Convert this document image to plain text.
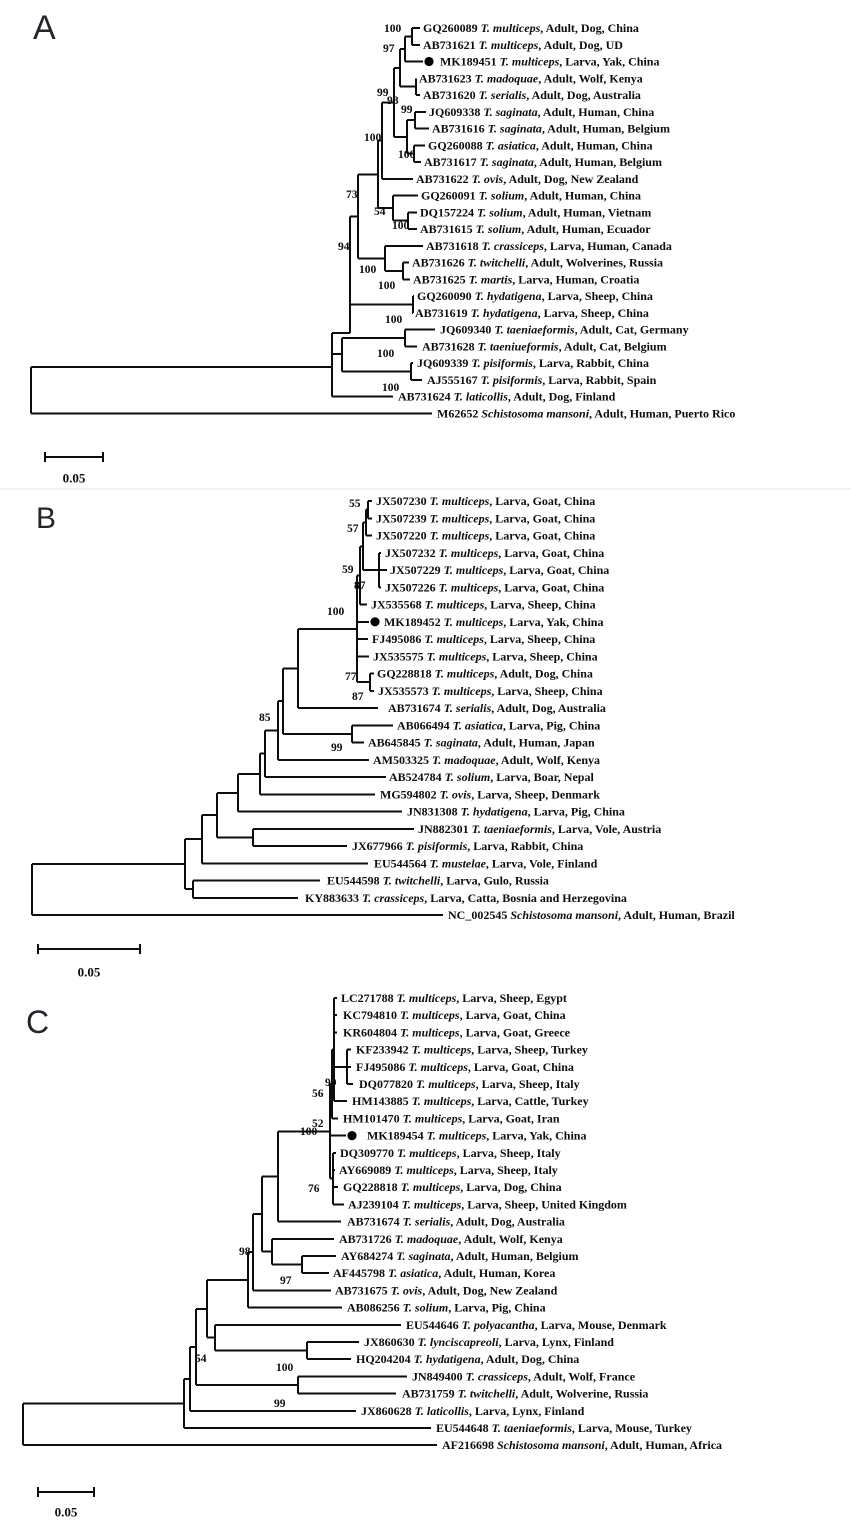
A
B
C
GQ260089 T. multiceps, Adult, Dog, China
AB731621 T. multiceps, Adult, Dog, UD
MK189451 T. multiceps, Larva, Yak, China
AB731623 T. madoquae, Adult, Wolf, Kenya
AB731620 T. serialis, Adult, Dog, Australia
JQ609338 T. saginata, Adult, Human, China
AB731616 T. saginata, Adult, Human, Belgium
GQ260088 T. asiatica, Adult, Human, China
AB731617 T. saginata, Adult, Human, Belgium
AB731622 T. ovis, Adult, Dog, New Zealand
GQ260091 T. solium, Adult, Human, China
DQ157224 T. solium, Adult, Human, Vietnam
AB731615 T. solium, Adult, Human, Ecuador
AB731618 T. crassiceps, Larva, Human, Canada
AB731626 T. twitchelli, Adult, Wolverines, Russia
AB731625 T. martis, Larva, Human, Croatia
GQ260090 T. hydatigena, Larva, Sheep, China
AB731619 T. hydatigena, Larva, Sheep, China
JQ609340 T. taeniaeformis, Adult, Cat, Germany
AB731628 T. taeniueformis, Adult, Cat, Belgium
JQ609339 T. pisiformis, Larva, Rabbit, China
AJ555167 T. pisiformis, Larva, Rabbit, Spain
AB731624 T. laticollis, Adult, Dog, Finland
M62652 Schistosoma mansoni, Adult, Human, Puerto Rico
100
97
99
98
99
100
100
73
54
100
94
100
100
100
100
100
0.05
JX507230 T. multiceps, Larva, Goat, China
JX507239 T. multiceps, Larva, Goat, China
JX507220 T. multiceps, Larva, Goat, China
JX507232 T. multiceps, Larva, Goat, China
JX507229 T. multiceps, Larva, Goat, China
JX507226 T. multiceps, Larva, Goat, China
JX535568 T. multiceps, Larva, Sheep, China
MK189452 T. multiceps, Larva, Yak, China
FJ495086 T. multiceps, Larva, Sheep, China
JX535575 T. multiceps, Larva, Sheep, China
GQ228818 T. multiceps, Adult, Dog, China
JX535573 T. multiceps, Larva, Sheep, China
AB731674 T. serialis, Adult, Dog, Australia
AB066494 T. asiatica, Larva, Pig, China
AB645845 T. saginata, Adult, Human, Japan
AM503325 T. madoquae, Adult, Wolf, Kenya
AB524784 T. solium, Larva, Boar, Nepal
MG594802 T. ovis, Larva, Sheep, Denmark
JN831308 T. hydatigena, Larva, Pig, China
JN882301 T. taeniaeformis, Larva, Vole, Austria
JX677966 T. pisiformis, Larva, Rabbit, China
EU544564 T. mustelae, Larva, Vole, Finland
EU544598 T. twitchelli, Larva, Gulo, Russia
KY883633 T. crassiceps, Larva, Catta, Bosnia and Herzegovina
NC_002545 Schistosoma mansoni, Adult, Human, Brazil
55
57
59
87
100
77
87
85
99
0.05
LC271788 T. multiceps, Larva, Sheep, Egypt
KC794810 T. multiceps, Larva, Goat, China
KR604804 T. multiceps, Larva, Goat, Greece
KF233942 T. multiceps, Larva, Sheep, Turkey
FJ495086 T. multiceps, Larva, Goat, China
DQ077820 T. multiceps, Larva, Sheep, Italy
HM143885 T. multiceps, Larva, Cattle, Turkey
HM101470 T. multiceps, Larva, Goat, Iran
MK189454 T. multiceps, Larva, Yak, China
DQ309770 T. multiceps, Larva, Sheep, Italy
AY669089 T. multiceps, Larva, Sheep, Italy
GQ228818 T. multiceps, Larva, Dog, China
AJ239104 T. multiceps, Larva, Sheep, United Kingdom
AB731674 T. serialis, Adult, Dog, Australia
AB731726 T. madoquae, Adult, Wolf, Kenya
AY684274 T. saginata, Adult, Human, Belgium
AF445798 T. asiatica, Adult, Human, Korea
AB731675 T. ovis, Adult, Dog, New Zealand
AB086256 T. solium, Larva, Pig, China
EU544646 T. polyacantha, Larva, Mouse, Denmark
JX860630 T. lynciscapreoli, Larva, Lynx, Finland
HQ204204 T. hydatigena, Adult, Dog, China
JN849400 T. crassiceps, Adult, Wolf, France
AB731759 T. twitchelli, Adult, Wolverine, Russia
JX860628 T. laticollis, Larva, Lynx, Finland
EU544648 T. taeniaeformis, Larva, Mouse, Turkey
AF216698 Schistosoma mansoni, Adult, Human, Africa
99
56
52
100
76
98
97
54
100
99
0.05
